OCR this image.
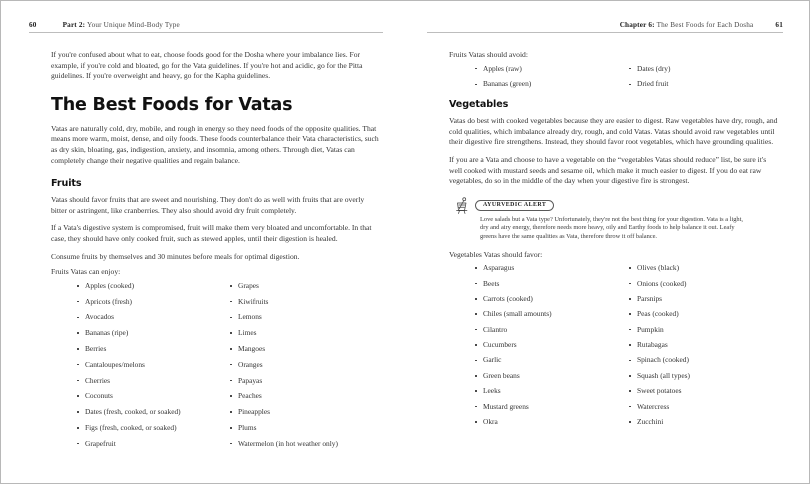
60	Part 2: Your Unique Mind-Body Type

If you're confused about what to eat, choose foods good for the Dosha where your imbalance lies. For example, if you're cold and bloated, go for the Vata guidelines. If you're hot and acidic, go for the Pitta guidelines. If you're overweight and heavy, go for the Kapha guidelines.

The Best Foods for Vatas

Vatas are naturally cold, dry, mobile, and rough in energy so they need foods of the opposite qualities. That means more warm, moist, dense, and oily foods. These foods counterbalance their Vata characteristics, such as dry skin, bloating, gas, indigestion, anxiety, and insomnia, among others. Through diet, Vatas can completely change their negative qualities and regain balance.

Fruits

Vatas should favor fruits that are sweet and nourishing. They don't do as well with fruits that are overly bitter or astringent, like cranberries. They also should avoid dry fruit completely.

If a Vata's digestive system is compromised, fruit will make them very bloated and uncomfortable. In that case, they should have only cooked fruit, such as stewed apples, until their digestion is healed.

Consume fruits by themselves and 30 minutes before meals for optimal digestion.

Fruits Vatas can enjoy:

Apples (cooked)
Apricots (fresh)
Avocados
Bananas (ripe)
Berries
Cantaloupes/melons
Cherries
Coconuts
Dates (fresh, cooked, or soaked)
Figs (fresh, cooked, or soaked)
Grapefruit
Grapes
Kiwifruits
Lemons
Limes
Mangoes
Oranges
Papayas
Peaches
Pineapples
Plums
Watermelon (in hot weather only)
Chapter 6: The Best Foods for Each Dosha	61

Fruits Vatas should avoid:

Apples (raw)
Bananas (green)
Dates (dry)
Dried fruit
Vegetables

Vatas do best with cooked vegetables because they are easier to digest. Raw vegetables have dry, rough, and cold qualities, which imbalance already dry, rough, and cold Vatas. Vatas should avoid raw vegetables until their digestive fire strengthens. Instead, they should favor root vegetables, which have grounding qualities.

If you are a Vata and choose to have a vegetable on the “vegetables Vatas should reduce” list, be sure it's well cooked with mustard seeds and sesame oil, which make it much easier to digest. If you do eat raw vegetables, do so in the middle of the day when your digestive fire is strongest.

AYURVEDIC ALERT
Love salads but a Vata type? Unfortunately, they're not the best thing for your digestion. Vata is a light, dry and airy energy, therefore needs more heavy, oily and Earthy foods to help balance it out. Leafy greens have the same qualities as Vata, therefore throw it off balance.

Vegetables Vatas should favor:

Asparagus
Beets
Carrots (cooked)
Chiles (small amounts)
Cilantro
Cucumbers
Garlic
Green beans
Leeks
Mustard greens
Okra
Olives (black)
Onions (cooked)
Parsnips
Peas (cooked)
Pumpkin
Rutabagas
Spinach (cooked)
Squash (all types)
Sweet potatoes
Watercress
Zucchini
